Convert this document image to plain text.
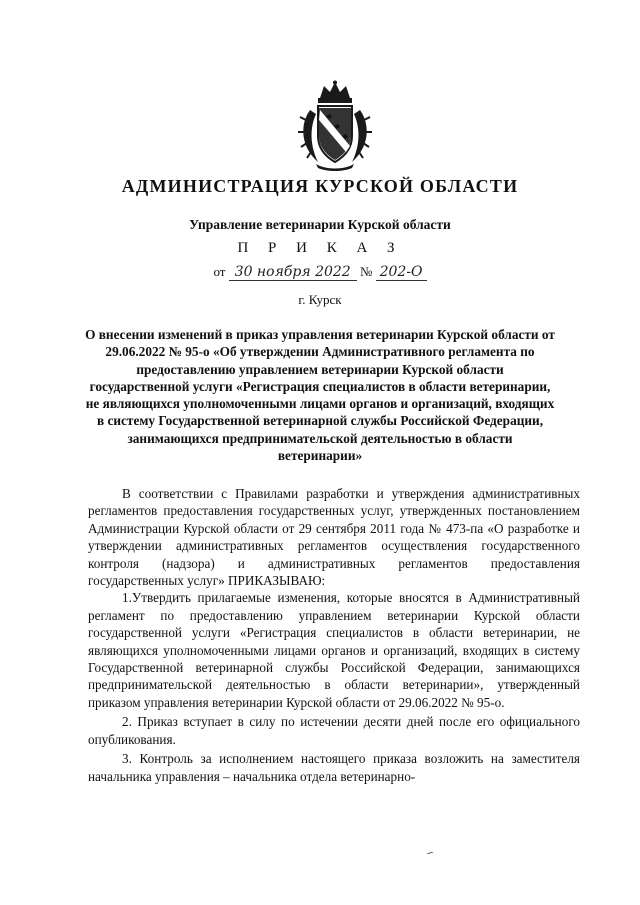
АДМИНИСТРАЦИЯ КУРСКОЙ ОБЛАСТИ
Управление ветеринарии Курской области
П Р И К А З
от 30 ноября 2022 № 202-О
г. Курск
О внесении изменений в приказ управления ветеринарии Курской области от 29.06.2022 № 95-о «Об утверждении Административного регламента по предоставлению управлением ветеринарии Курской области государственной услуги «Регистрация специалистов в области ветеринарии, не являющихся уполномоченными лицами органов и организаций, входящих в систему Государственной ветеринарной службы Российской Федерации, занимающихся предпринимательской деятельностью в области ветеринарии»

В соответствии с Правилами разработки и утверждения административных регламентов предоставления государственных услуг, утвержденных постановлением Администрации Курской области от 29 сентября 2011 года № 473-па «О разработке и утверждении административных регламентов осуществления государственного контроля (надзора) и административных регламентов предоставления государственных услуг» ПРИКАЗЫВАЮ:

1.Утвердить прилагаемые изменения, которые вносятся в Административный регламент по предоставлению управлением ветеринарии Курской области государственной услуги «Регистрация специалистов в области ветеринарии, не являющихся уполномоченными лицами органов и организаций, входящих в систему Государственной ветеринарной службы Российской Федерации, занимающихся предпринимательской деятельностью в области ветеринарии», утвержденный приказом управления ветеринарии Курской области от 29.06.2022 № 95-о.

2. Приказ вступает в силу по истечении десяти дней после его официального опубликования.

3. Контроль за исполнением настоящего приказа возложить на заместителя начальника управления – начальника отдела ветеринарно-

∽
